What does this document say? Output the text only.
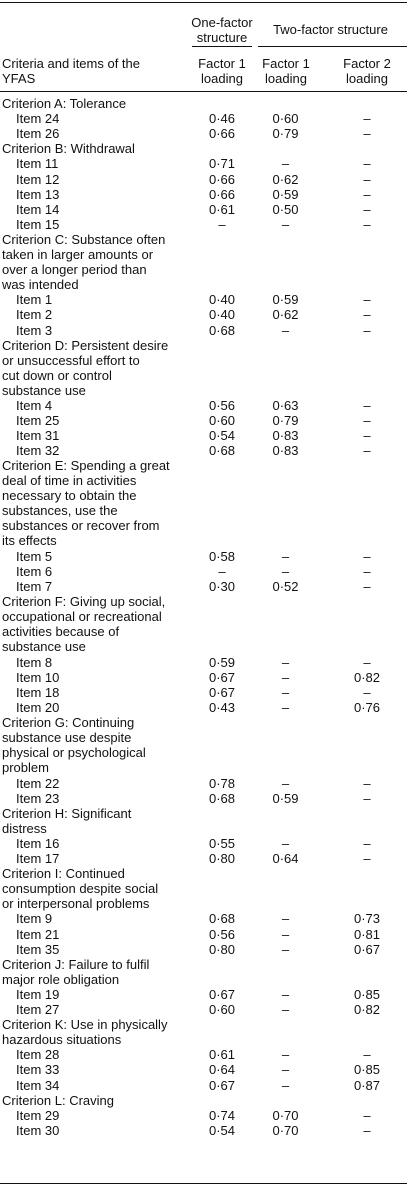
One-factor
structure
Two-factor structure
Criteria and items of the
YFAS
Factor 1
loading
Factor 1
loading
Factor 2
loading
Criterion A: Tolerance
Item 24	0·46	0·60	–
Item 26	0·66	0·79	–
Criterion B: Withdrawal
Item 11	0·71	–	–
Item 12	0·66	0·62	–
Item 13	0·66	0·59	–
Item 14	0·61	0·50	–
Item 15	–	–	–
Criterion C: Substance often
taken in larger amounts or
over a longer period than
was intended
Item 1	0·40	0·59	–
Item 2	0·40	0·62	–
Item 3	0·68	–	–
Criterion D: Persistent desire
or unsuccessful effort to
cut down or control
substance use
Item 4	0·56	0·63	–
Item 25	0·60	0·79	–
Item 31	0·54	0·83	–
Item 32	0·68	0·83	–
Criterion E: Spending a great
deal of time in activities
necessary to obtain the
substances, use the
substances or recover from
its effects
Item 5	0·58	–	–
Item 6	–	–	–
Item 7	0·30	0·52	–
Criterion F: Giving up social,
occupational or recreational
activities because of
substance use
Item 8	0·59	–	–
Item 10	0·67	–	0·82
Item 18	0·67	–	–
Item 20	0·43	–	0·76
Criterion G: Continuing
substance use despite
physical or psychological
problem
Item 22	0·78	–	–
Item 23	0·68	0·59	–
Criterion H: Significant
distress
Item 16	0·55	–	–
Item 17	0·80	0·64	–
Criterion I: Continued
consumption despite social
or interpersonal problems
Item 9	0·68	–	0·73
Item 21	0·56	–	0·81
Item 35	0·80	–	0·67
Criterion J: Failure to fulfil
major role obligation
Item 19	0·67	–	0·85
Item 27	0·60	–	0·82
Criterion K: Use in physically
hazardous situations
Item 28	0·61	–	–
Item 33	0·64	–	0·85
Item 34	0·67	–	0·87
Criterion L: Craving
Item 29	0·74	0·70	–
Item 30	0·54	0·70	–
